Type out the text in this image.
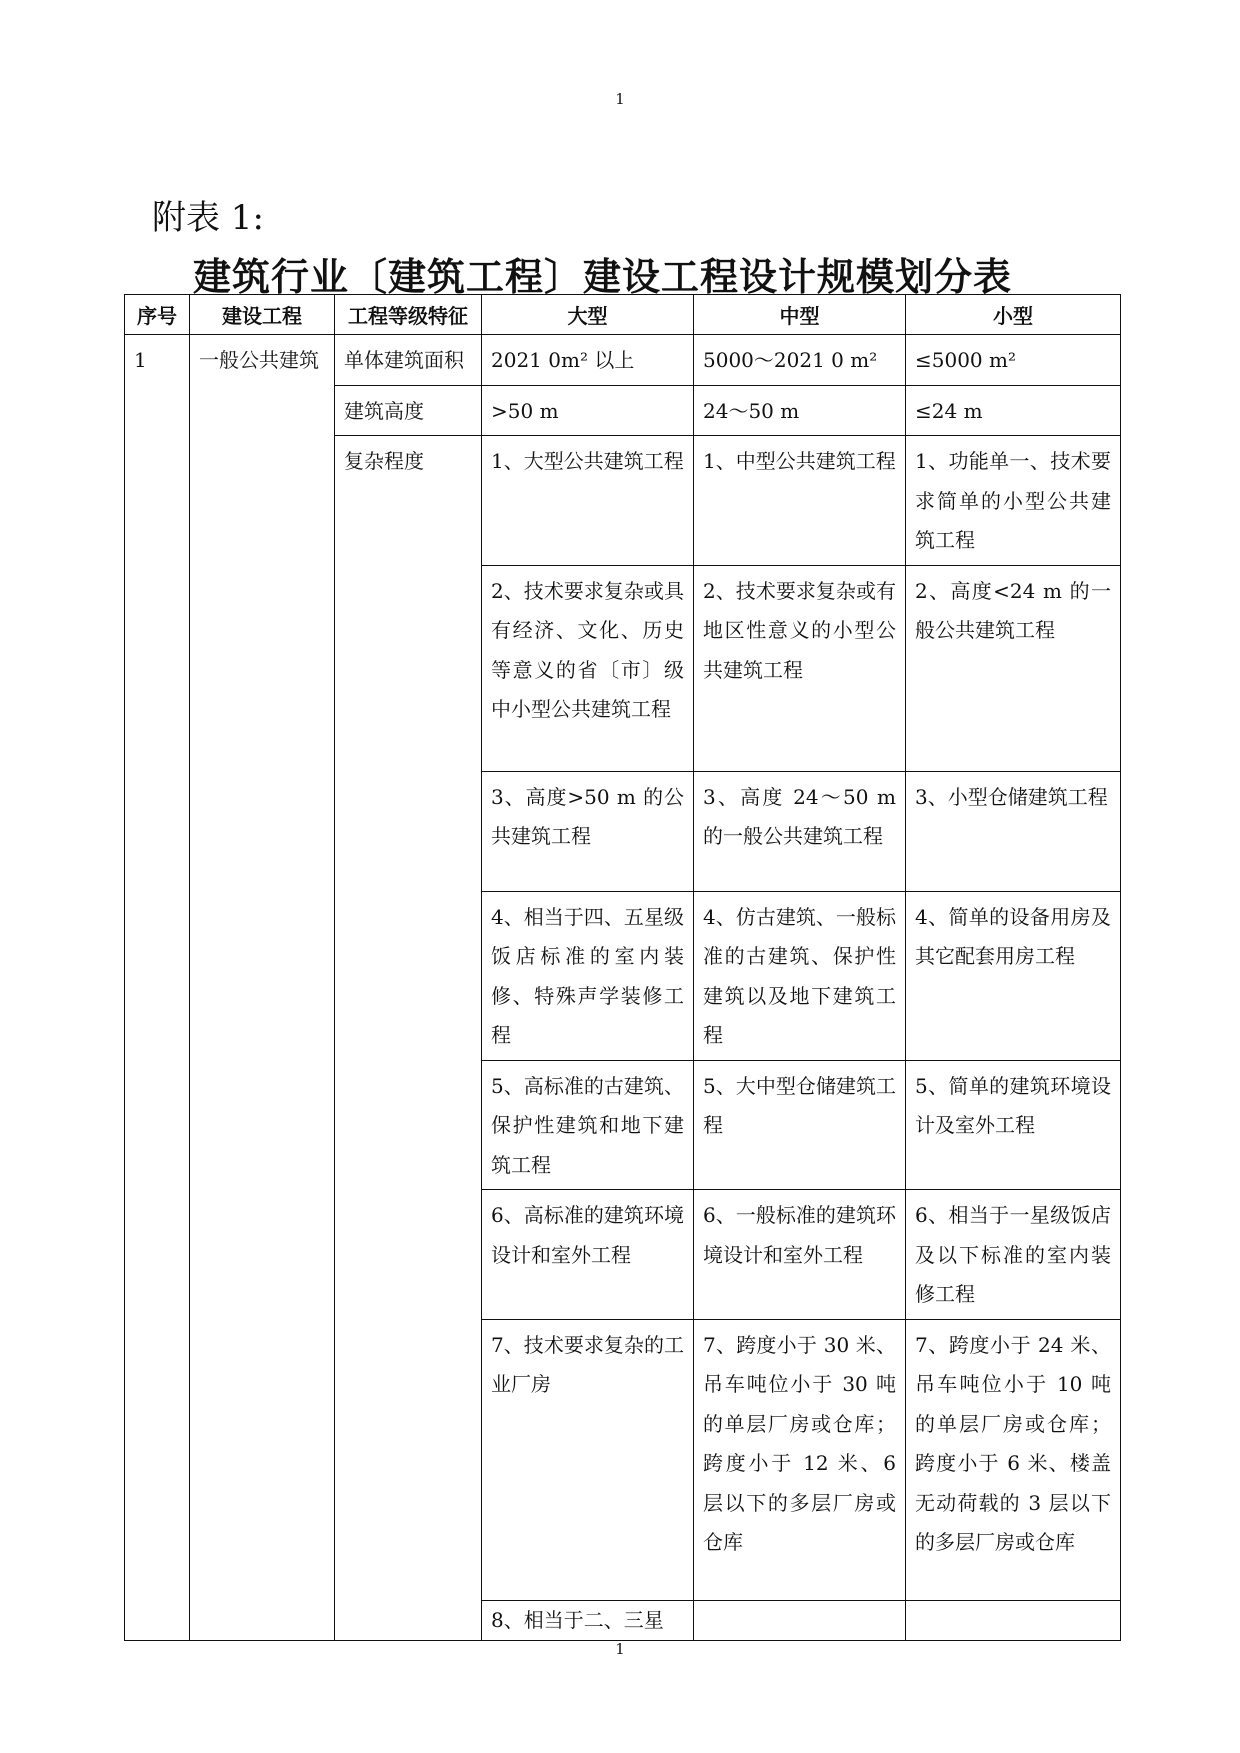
1
附表 1:
建筑行业〔建筑工程〕建设工程设计规模划分表
序号	建设工程	工程等级特征	大型	中型	小型
1	一般公共建筑	单体建筑面积	2021 0m² 以上	5000～2021 0 m²	≤5000 m²
		建筑高度	>50 m	24～50 m	≤24 m
		复杂程度	1、大型公共建筑工程	1、中型公共建筑工程	1、功能单一、技术要求简单的小型公共建筑工程
			2、技术要求复杂或具有经济、文化、历史等意义的省〔市〕级中小型公共建筑工程	2、技术要求复杂或有地区性意义的小型公共建筑工程	2、高度<24 m 的一般公共建筑工程
			3、高度>50 m 的公共建筑工程	3、高度 24～50 m 的一般公共建筑工程	3、小型仓储建筑工程
			4、相当于四、五星级饭店标准的室内装修、特殊声学装修工程	4、仿古建筑、一般标准的古建筑、保护性建筑以及地下建筑工程	4、简单的设备用房及其它配套用房工程
			5、高标准的古建筑、保护性建筑和地下建筑工程	5、大中型仓储建筑工程	5、简单的建筑环境设计及室外工程
			6、高标准的建筑环境设计和室外工程	6、一般标准的建筑环境设计和室外工程	6、相当于一星级饭店及以下标准的室内装修工程
			7、技术要求复杂的工业厂房	7、跨度小于 30 米、吊车吨位小于 30 吨的单层厂房或仓库；跨度小于 12 米、6 层以下的多层厂房或仓库	7、跨度小于 24 米、吊车吨位小于 10 吨的单层厂房或仓库；跨度小于 6 米、楼盖无动荷载的 3 层以下的多层厂房或仓库
			8、相当于二、三星		
1
